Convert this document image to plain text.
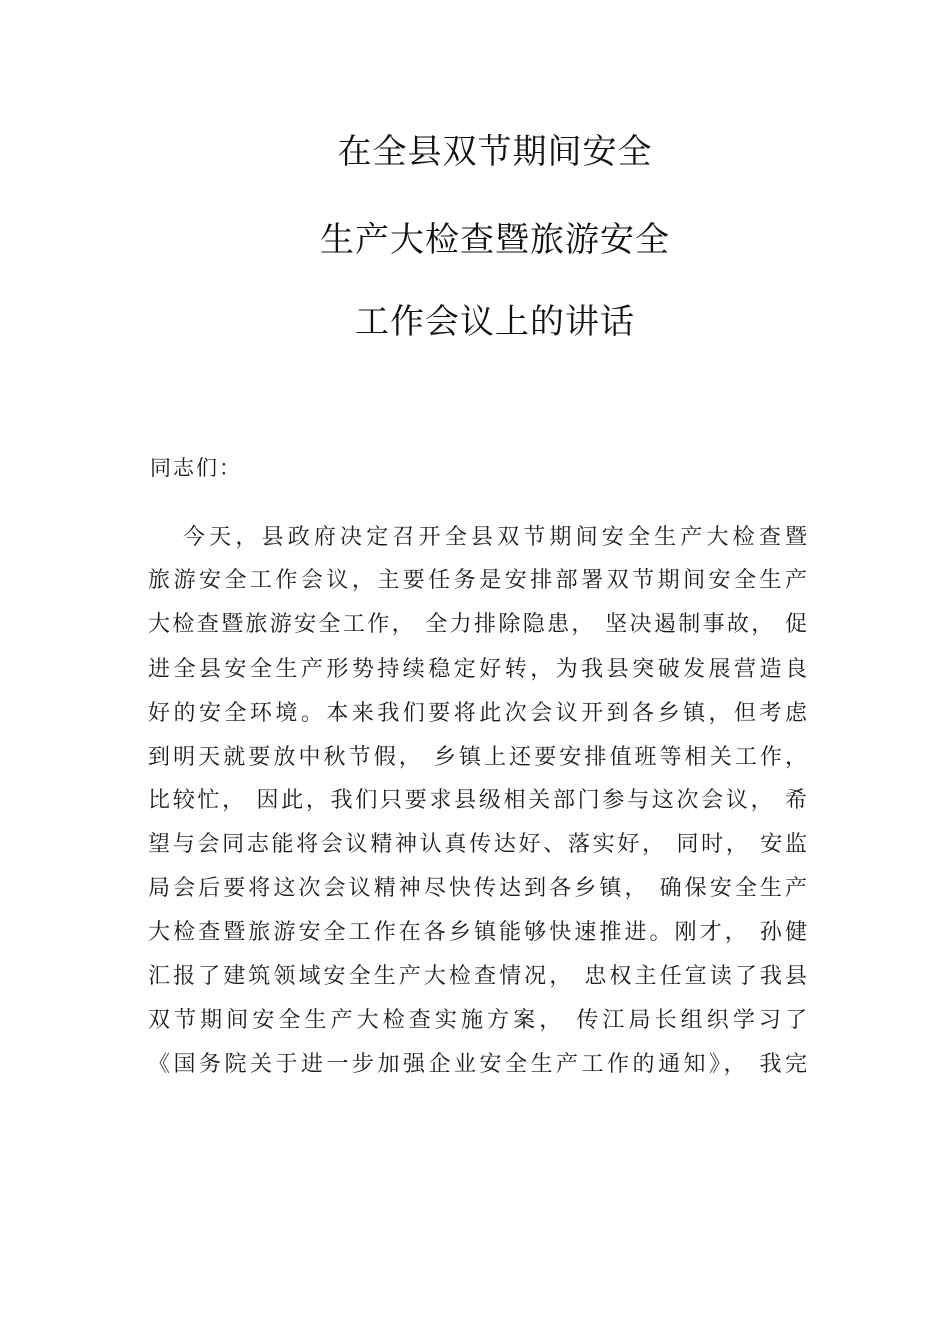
在全县双节期间安全
生产大检查暨旅游安全
工作会议上的讲话
同志们：
今天，县政府决定召开全县双节期间安全生产大检查暨
旅游安全工作会议，主要任务是安排部署双节期间安全生产
大检查暨旅游安全工作， 全力排除隐患， 坚决遏制事故， 促
进全县安全生产形势持续稳定好转，为我县突破发展营造良
好的安全环境。本来我们要将此次会议开到各乡镇，但考虑
到明天就要放中秋节假， 乡镇上还要安排值班等相关工作，
比较忙， 因此，我们只要求县级相关部门参与这次会议， 希
望与会同志能将会议精神认真传达好、落实好， 同时， 安监
局会后要将这次会议精神尽快传达到各乡镇， 确保安全生产
大检查暨旅游安全工作在各乡镇能够快速推进。刚才， 孙健
汇报了建筑领域安全生产大检查情况， 忠权主任宣读了我县
双节期间安全生产大检查实施方案， 传江局长组织学习了
《国务院关于进一步加强企业安全生产工作的通知》， 我完
